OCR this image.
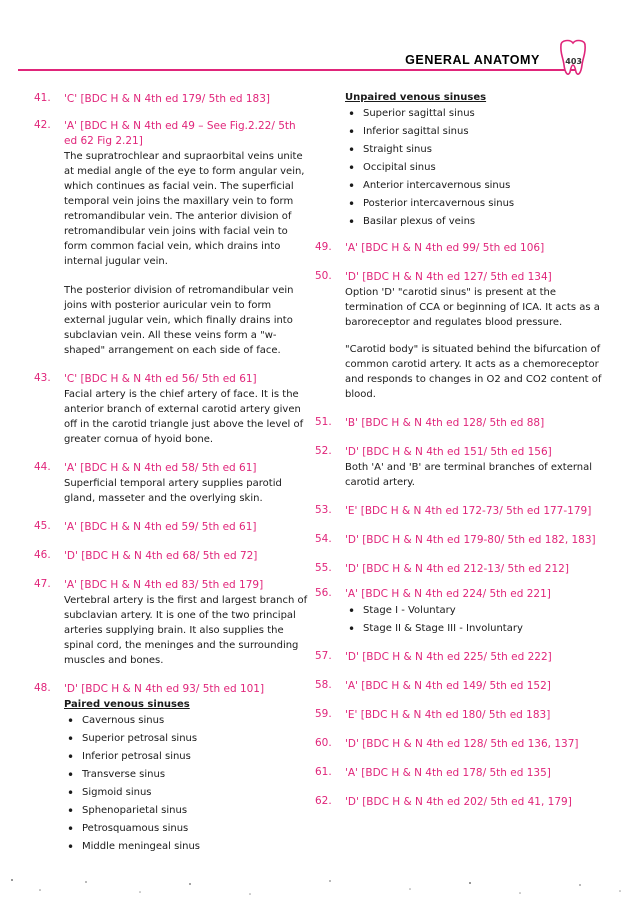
GENERAL ANATOMY	403
41. 'C' [BDC H & N 4th ed 179/ 5th ed 183]

42. 'A' [BDC H & N 4th ed 49 – See Fig.2.22/ 5th ed 62 Fig 2.21]

The supratrochlear and supraorbital veins unite at medial angle of the eye to form angular vein, which continues as facial vein. The superficial temporal vein joins the maxillary vein to form retromandibular vein. The anterior division of retromandibular vein joins with facial vein to form common facial vein, which drains into internal jugular vein.

The posterior division of retromandibular vein joins with posterior auricular vein to form external jugular vein, which finally drains into subclavian vein. All these veins form a "w-shaped" arrangement on each side of face.

43. 'C' [BDC H & N 4th ed 56/ 5th ed 61]

Facial artery is the chief artery of face. It is the anterior branch of external carotid artery given off in the carotid triangle just above the level of greater cornua of hyoid bone.

44. 'A' [BDC H & N 4th ed 58/ 5th ed 61]

Superficial temporal artery supplies parotid gland, masseter and the overlying skin.

45. 'A' [BDC H & N 4th ed 59/ 5th ed 61]

46. 'D' [BDC H & N 4th ed 68/ 5th ed 72]

47. 'A' [BDC H & N 4th ed 83/ 5th ed 179]

Vertebral artery is the first and largest branch of subclavian artery. It is one of the two principal arteries supplying brain. It also supplies the spinal cord, the meninges and the surrounding muscles and bones.

48. 'D' [BDC H & N 4th ed 93/ 5th ed 101]

Paired venous sinuses

• Cavernous sinus
• Superior petrosal sinus
• Inferior petrosal sinus
• Transverse sinus
• Sigmoid sinus
• Sphenoparietal sinus
• Petrosquamous sinus
• Middle meningeal sinus

Unpaired venous sinuses

• Superior sagittal sinus
• Inferior sagittal sinus
• Straight sinus
• Occipital sinus
• Anterior intercavernous sinus
• Posterior intercavernous sinus
• Basilar plexus of veins
49. 'A' [BDC H & N 4th ed 99/ 5th ed 106]

50. 'D' [BDC H & N 4th ed 127/ 5th ed 134]

Option 'D' "carotid sinus" is present at the termination of CCA or beginning of ICA. It acts as a baroreceptor and regulates blood pressure.

"Carotid body" is situated behind the bifurcation of common carotid artery. It acts as a chemoreceptor and responds to changes in O2 and CO2 content of blood.

51. 'B' [BDC H & N 4th ed 128/ 5th ed 88]

52. 'D' [BDC H & N 4th ed 151/ 5th ed 156]

Both 'A' and 'B' are terminal branches of external carotid artery.

53. 'E' [BDC H & N 4th ed 172-73/ 5th ed 177-179]

54. 'D' [BDC H & N 4th ed 179-80/ 5th ed 182, 183]

55. 'D' [BDC H & N 4th ed 212-13/ 5th ed 212]

56. 'A' [BDC H & N 4th ed 224/ 5th ed 221]

• Stage I - Voluntary
• Stage II & Stage III - Involuntary
57. 'D' [BDC H & N 4th ed 225/ 5th ed 222]

58. 'A' [BDC H & N 4th ed 149/ 5th ed 152]

59. 'E' [BDC H & N 4th ed 180/ 5th ed 183]

60. 'D' [BDC H & N 4th ed 128/ 5th ed 136, 137]

61. 'A' [BDC H & N 4th ed 178/ 5th ed 135]

62. 'D' [BDC H & N 4th ed 202/ 5th ed 41, 179]
